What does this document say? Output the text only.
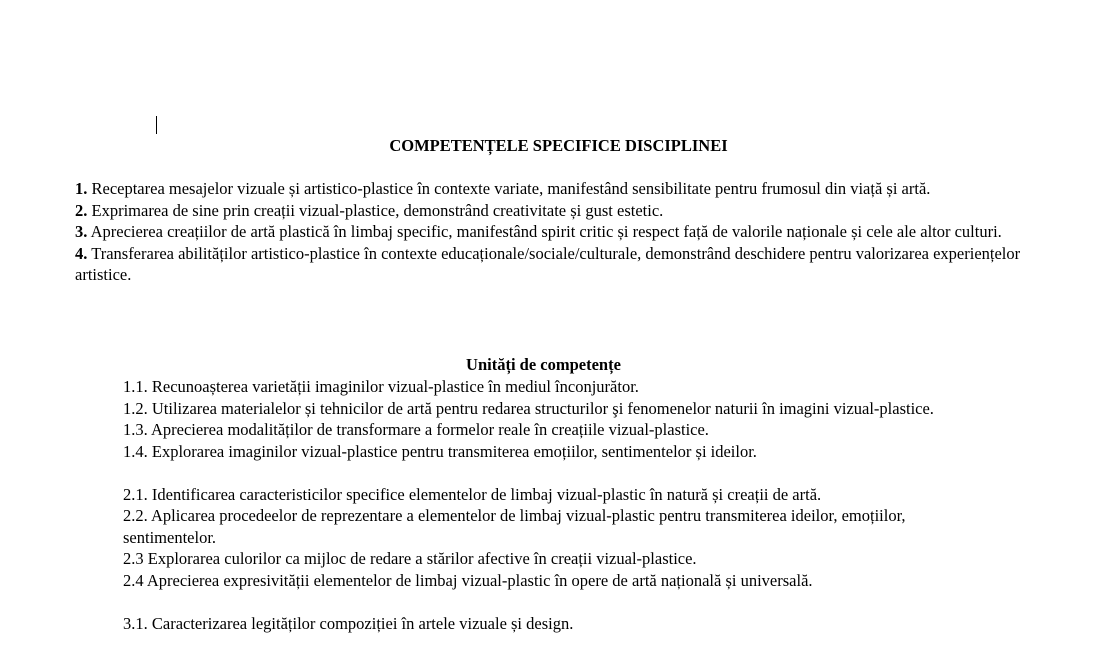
COMPETENȚELE SPECIFICE DISCIPLINEI
1. Receptarea mesajelor vizuale și artistico-plastice în contexte variate, manifestând sensibilitate pentru frumosul din viață și artă.
2. Exprimarea de sine prin creații vizual-plastice, demonstrând creativitate și gust estetic.
3. Aprecierea creațiilor de artă plastică în limbaj specific, manifestând spirit critic și respect față de valorile naționale și cele ale altor culturi.
4. Transferarea abilităților artistico-plastice în contexte educaționale/sociale/culturale, demonstrând deschidere pentru valorizarea experiențelor artistice.
Unități de competențe
1.1. Recunoașterea varietății imaginilor vizual-plastice în mediul înconjurător.
1.2. Utilizarea materialelor și tehnicilor de artă pentru redarea structurilor şi fenomenelor naturii în imagini vizual-plastice.
1.3. Aprecierea modalităților de transformare a formelor reale în creațiile vizual-plastice.
1.4. Explorarea imaginilor vizual-plastice pentru transmiterea emoțiilor, sentimentelor și ideilor.
2.1. Identificarea caracteristicilor specifice elementelor de limbaj vizual-plastic în natură și creații de artă.
2.2. Aplicarea procedeelor de reprezentare a elementelor de limbaj vizual-plastic pentru transmiterea ideilor, emoțiilor, sentimentelor.
2.3 Explorarea culorilor ca mijloc de redare a stărilor afective în creații vizual-plastice.
2.4 Aprecierea expresivității elementelor de limbaj vizual-plastic în opere de artă națională și universală.
3.1. Caracterizarea legităților compoziției în artele vizuale și design.
